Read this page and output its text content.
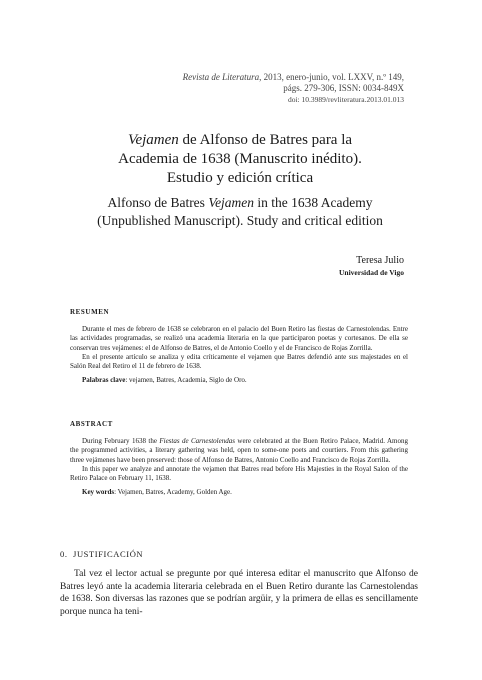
Revista de Literatura, 2013, enero-junio, vol. LXXV, n.º 149,
págs. 279-306, ISSN: 0034-849X
doi: 10.3989/revliteratura.2013.01.013
Vejamen de Alfonso de Batres para la
Academia de 1638 (Manuscrito inédito).
Estudio y edición crítica
Alfonso de Batres Vejamen in the 1638 Academy
(Unpublished Manuscript). Study and critical edition
Teresa Julio
Universidad de Vigo
RESUMEN

Durante el mes de febrero de 1638 se celebraron en el palacio del Buen Retiro las fiestas de Carnestolendas. Entre las actividades programadas, se realizó una academia literaria en la que participaron poetas y cortesanos. De ella se conservan tres vejámenes: el de Alfonso de Batres, el de Antonio Coello y el de Francisco de Rojas Zorrilla.

En el presente artículo se analiza y edita críticamente el vejamen que Batres defendió ante sus majestades en el Salón Real del Retiro el 11 de febrero de 1638.

Palabras clave: vejamen, Batres, Academia, Siglo de Oro.

ABSTRACT

During February 1638 the Fiestas de Carnestolendas were celebrated at the Buen Retiro Palace, Madrid. Among the programmed activities, a literary gathering was held, open to some-one poets and courtiers. From this gathering three vejámenes have been preserved: those of Alfonso de Batres, Antonio Coello and Francisco de Rojas Zorrilla.

In this paper we analyze and annotate the vejamen that Batres read before His Majesties in the Royal Salon of the Retiro Palace on February 11, 1638.

Key words: Vejamen, Batres, Academy, Golden Age.

0. JUSTIFICACIÓN

Tal vez el lector actual se pregunte por qué interesa editar el manuscrito que Alfonso de Batres leyó ante la academia literaria celebrada en el Buen Retiro durante las Carnestolendas de 1638. Son diversas las razones que se podrían argüir, y la primera de ellas es sencillamente porque nunca ha teni-
